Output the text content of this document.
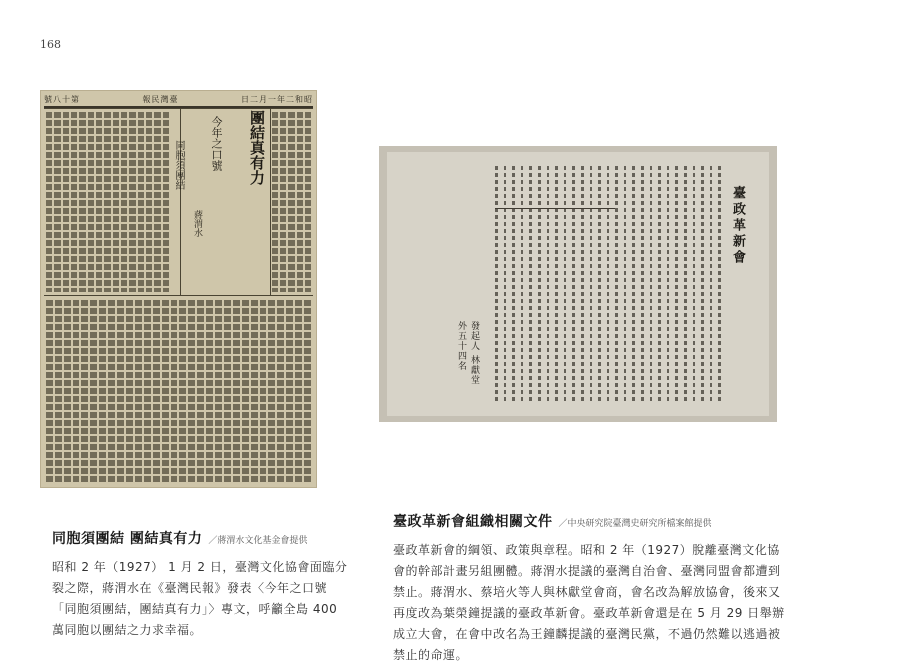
168
號八十第	報民灣臺	日二月一年二和昭
團結真有力
今年之口號
同胞須團結
蔣渭水	臺政革新會
發起人 林獻堂外五十四名
同胞須團結 團結真有力 ／蔣渭水文化基金會提供
昭和 2 年（1927） 1 月 2 日，臺灣文化協會面臨分裂之際，蔣渭水在《臺灣民報》發表〈今年之口號「同胞須團結，團結真有力」〉專文，呼籲全島 400 萬同胞以團結之力求幸福。
臺政革新會組織相關文件 ／中央研究院臺灣史研究所檔案館提供
臺政革新會的綱領、政策與章程。昭和 2 年（1927）脫離臺灣文化協會的幹部計畫另組團體。蔣渭水提議的臺灣自治會、臺灣同盟會都遭到禁止。蔣渭水、蔡培火等人與林獻堂會商，會名改為解放協會，後來又再度改為葉榮鐘提議的臺政革新會。臺政革新會還是在 5 月 29 日舉辦成立大會，在會中改名為王鐘麟提議的臺灣民黨，不過仍然難以逃過被禁止的命運。
